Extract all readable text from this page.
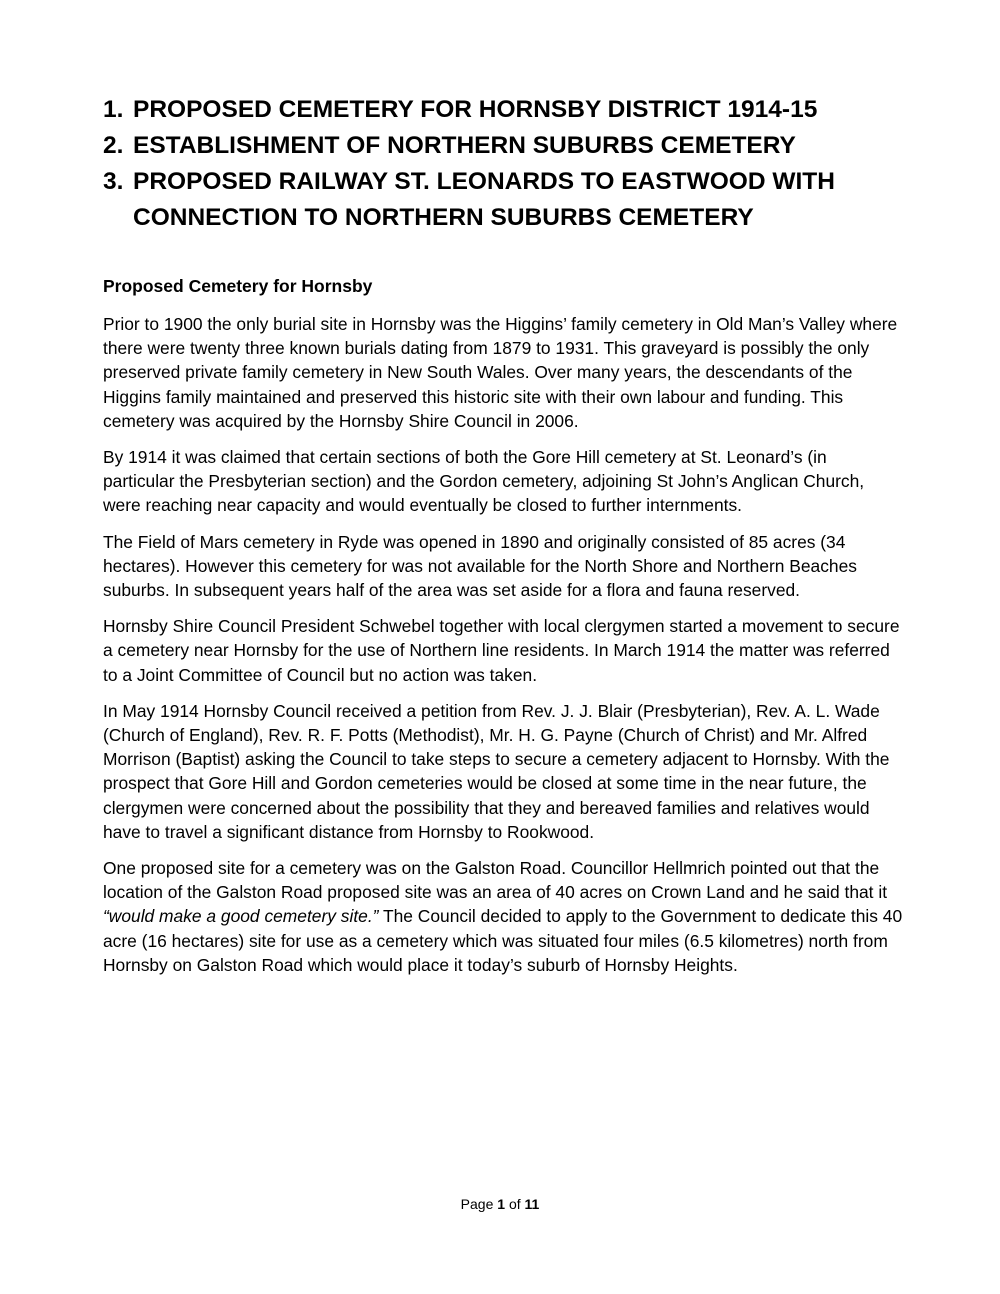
1. PROPOSED CEMETERY FOR HORNSBY DISTRICT 1914-15
2. ESTABLISHMENT OF NORTHERN SUBURBS CEMETERY
3. PROPOSED RAILWAY ST. LEONARDS TO EASTWOOD WITH CONNECTION TO NORTHERN SUBURBS CEMETERY
Proposed Cemetery for Hornsby

Prior to 1900 the only burial site in Hornsby was the Higgins’ family cemetery in Old Man’s Valley where there were twenty three known burials dating from 1879 to 1931. This graveyard is possibly the only preserved private family cemetery in New South Wales. Over many years, the descendants of the Higgins family maintained and preserved this historic site with their own labour and funding. This cemetery was acquired by the Hornsby Shire Council in 2006.

By 1914 it was claimed that certain sections of both the Gore Hill cemetery at St. Leonard’s (in particular the Presbyterian section) and the Gordon cemetery, adjoining St John’s Anglican Church, were reaching near capacity and would eventually be closed to further internments.

The Field of Mars cemetery in Ryde was opened in 1890 and originally consisted of 85 acres (34 hectares). However this cemetery for was not available for the North Shore and Northern Beaches suburbs. In subsequent years half of the area was set aside for a flora and fauna reserved.

Hornsby Shire Council President Schwebel together with local clergymen started a movement to secure a cemetery near Hornsby for the use of Northern line residents. In March 1914 the matter was referred to a Joint Committee of Council but no action was taken.

In May 1914 Hornsby Council received a petition from Rev. J. J. Blair (Presbyterian), Rev. A. L. Wade (Church of England), Rev. R. F. Potts (Methodist), Mr. H. G. Payne (Church of Christ) and Mr. Alfred Morrison (Baptist) asking the Council to take steps to secure a cemetery adjacent to Hornsby. With the prospect that Gore Hill and Gordon cemeteries would be closed at some time in the near future, the clergymen were concerned about the possibility that they and bereaved families and relatives would have to travel a significant distance from Hornsby to Rookwood.

One proposed site for a cemetery was on the Galston Road. Councillor Hellmrich pointed out that the location of the Galston Road proposed site was an area of 40 acres on Crown Land and he said that it “would make a good cemetery site.” The Council decided to apply to the Government to dedicate this 40 acre (16 hectares) site for use as a cemetery which was situated four miles (6.5 kilometres) north from Hornsby on Galston Road which would place it today’s suburb of Hornsby Heights.

Page 1 of 11
